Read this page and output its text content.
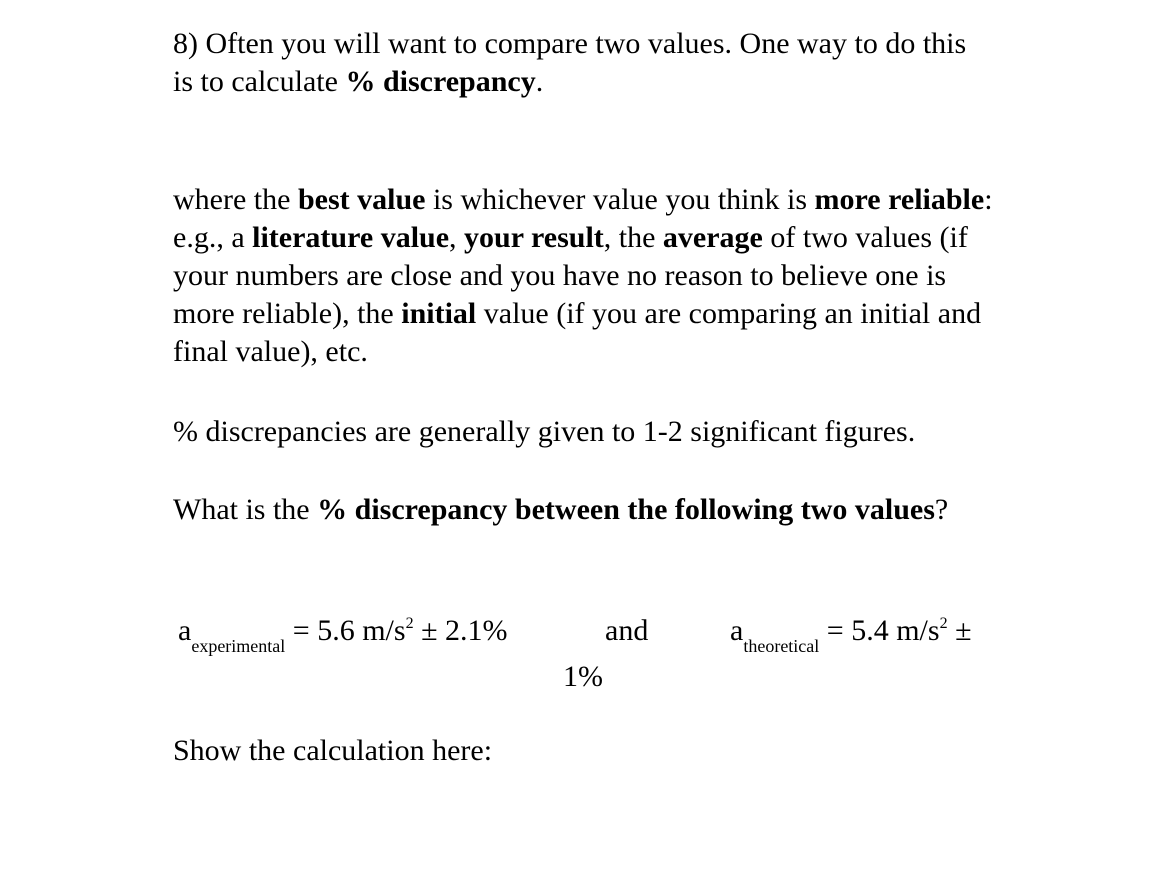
8) Often you will want to compare two values. One way to do this is to calculate % discrepancy.

where the best value is whichever value you think is more reliable: e.g., a literature value, your result, the average of two values (if your numbers are close and you have no reason to believe one is more reliable), the initial value (if you are comparing an initial and final value), etc.

% discrepancies are generally given to 1-2 significant figures.

What is the % discrepancy between the following two values?

$a_{experimental} = 5.6$ $m/s^2 \pm 2.1\%$	and	$a_{theoretical} = 5.4$ $m/s^2$ ±
1%

Show the calculation here:
